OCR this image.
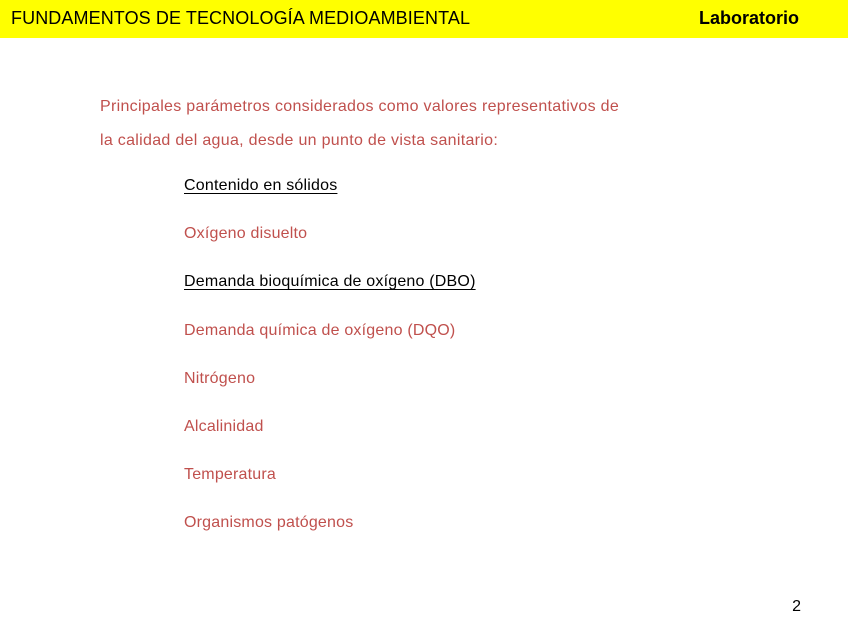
FUNDAMENTOS DE TECNOLOGÍA MEDIOAMBIENTAL	Laboratorio
Principales parámetros considerados como valores representativos de
la calidad del agua, desde un punto de vista sanitario:
Contenido en sólidos
Oxígeno disuelto
Demanda bioquímica de oxígeno (DBO)
Demanda química de oxígeno (DQO)
Nitrógeno
Alcalinidad
Temperatura
Organismos patógenos
2
